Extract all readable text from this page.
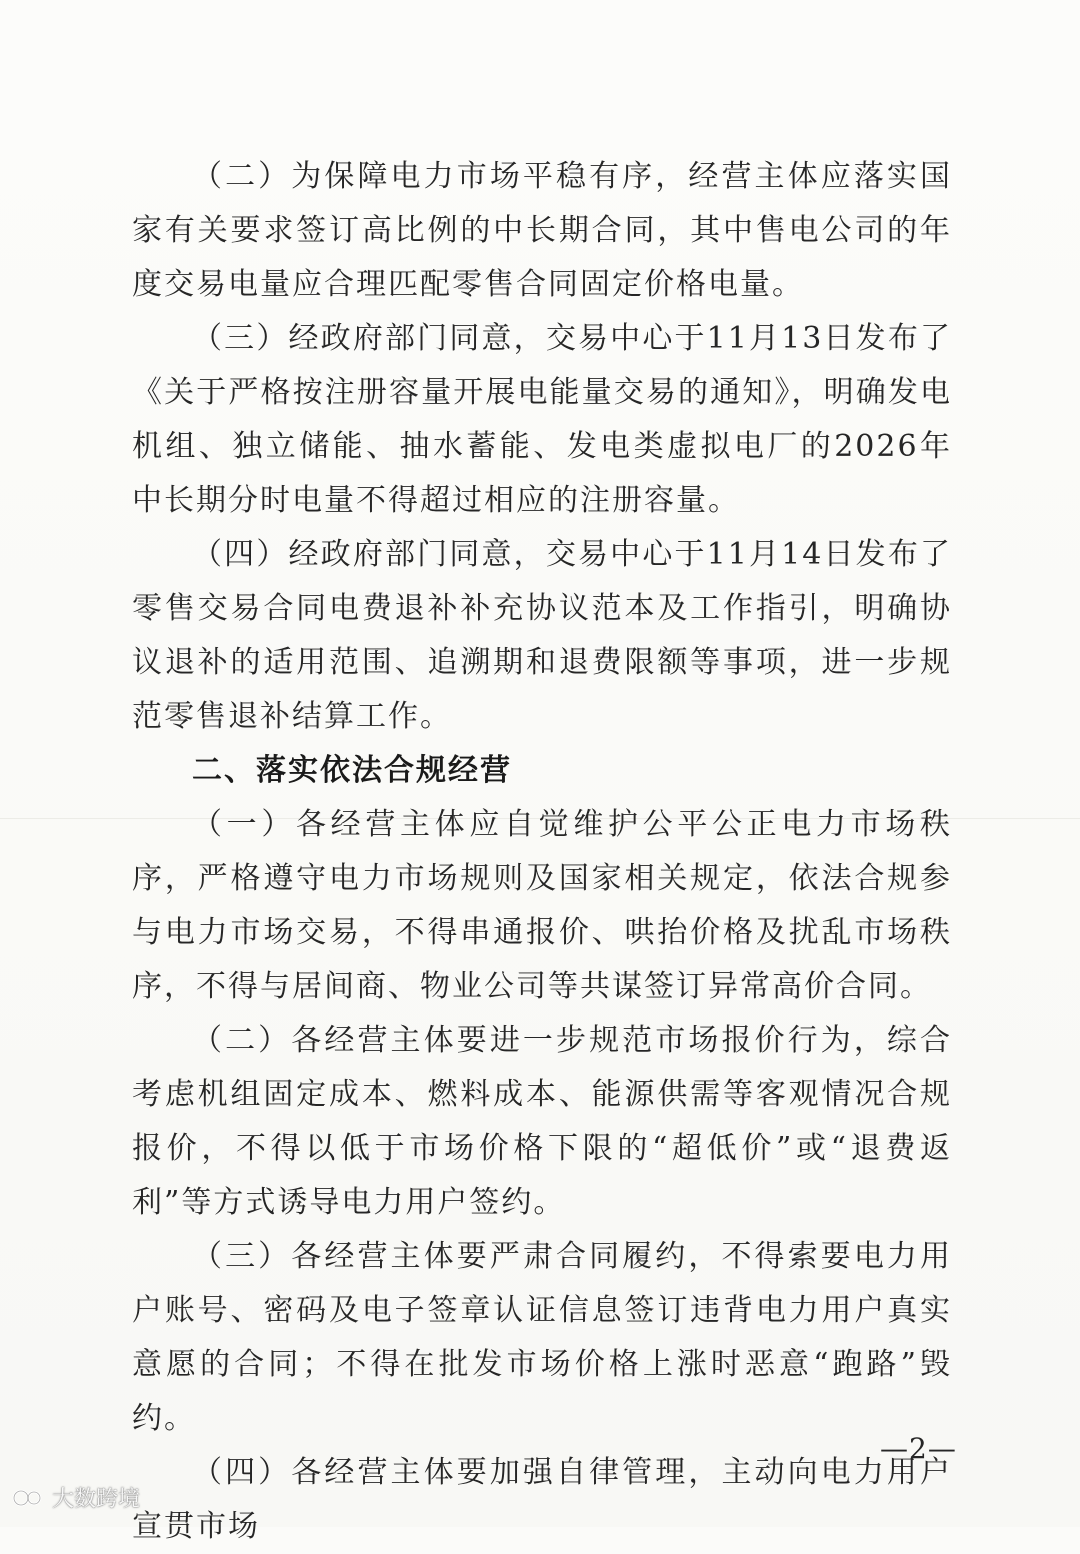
（二）为保障电力市场平稳有序，经营主体应落实国家有关要求签订高比例的中长期合同，其中售电公司的年度交易电量应合理匹配零售合同固定价格电量。

（三）经政府部门同意，交易中心于11月13日发布了《关于严格按注册容量开展电能量交易的通知》，明确发电机组、独立储能、抽水蓄能、发电类虚拟电厂的2026年中长期分时电量不得超过相应的注册容量。

（四）经政府部门同意，交易中心于11月14日发布了零售交易合同电费退补补充协议范本及工作指引，明确协议退补的适用范围、追溯期和退费限额等事项，进一步规范零售退补结算工作。

二、落实依法合规经营

（一）各经营主体应自觉维护公平公正电力市场秩序，严格遵守电力市场规则及国家相关规定，依法合规参与电力市场交易，不得串通报价、哄抬价格及扰乱市场秩序，不得与居间商、物业公司等共谋签订异常高价合同。

（二）各经营主体要进一步规范市场报价行为，综合考虑机组固定成本、燃料成本、能源供需等客观情况合规报价，不得以低于市场价格下限的“超低价”或“退费返利”等方式诱导电力用户签约。

（三）各经营主体要严肃合同履约，不得索要电力用户账号、密码及电子签章认证信息签订违背电力用户真实意愿的合同；不得在批发市场价格上涨时恶意“跑路”毁约。

（四）各经营主体要加强自律管理，主动向电力用户宣贯市场

—2—
大数跨境
